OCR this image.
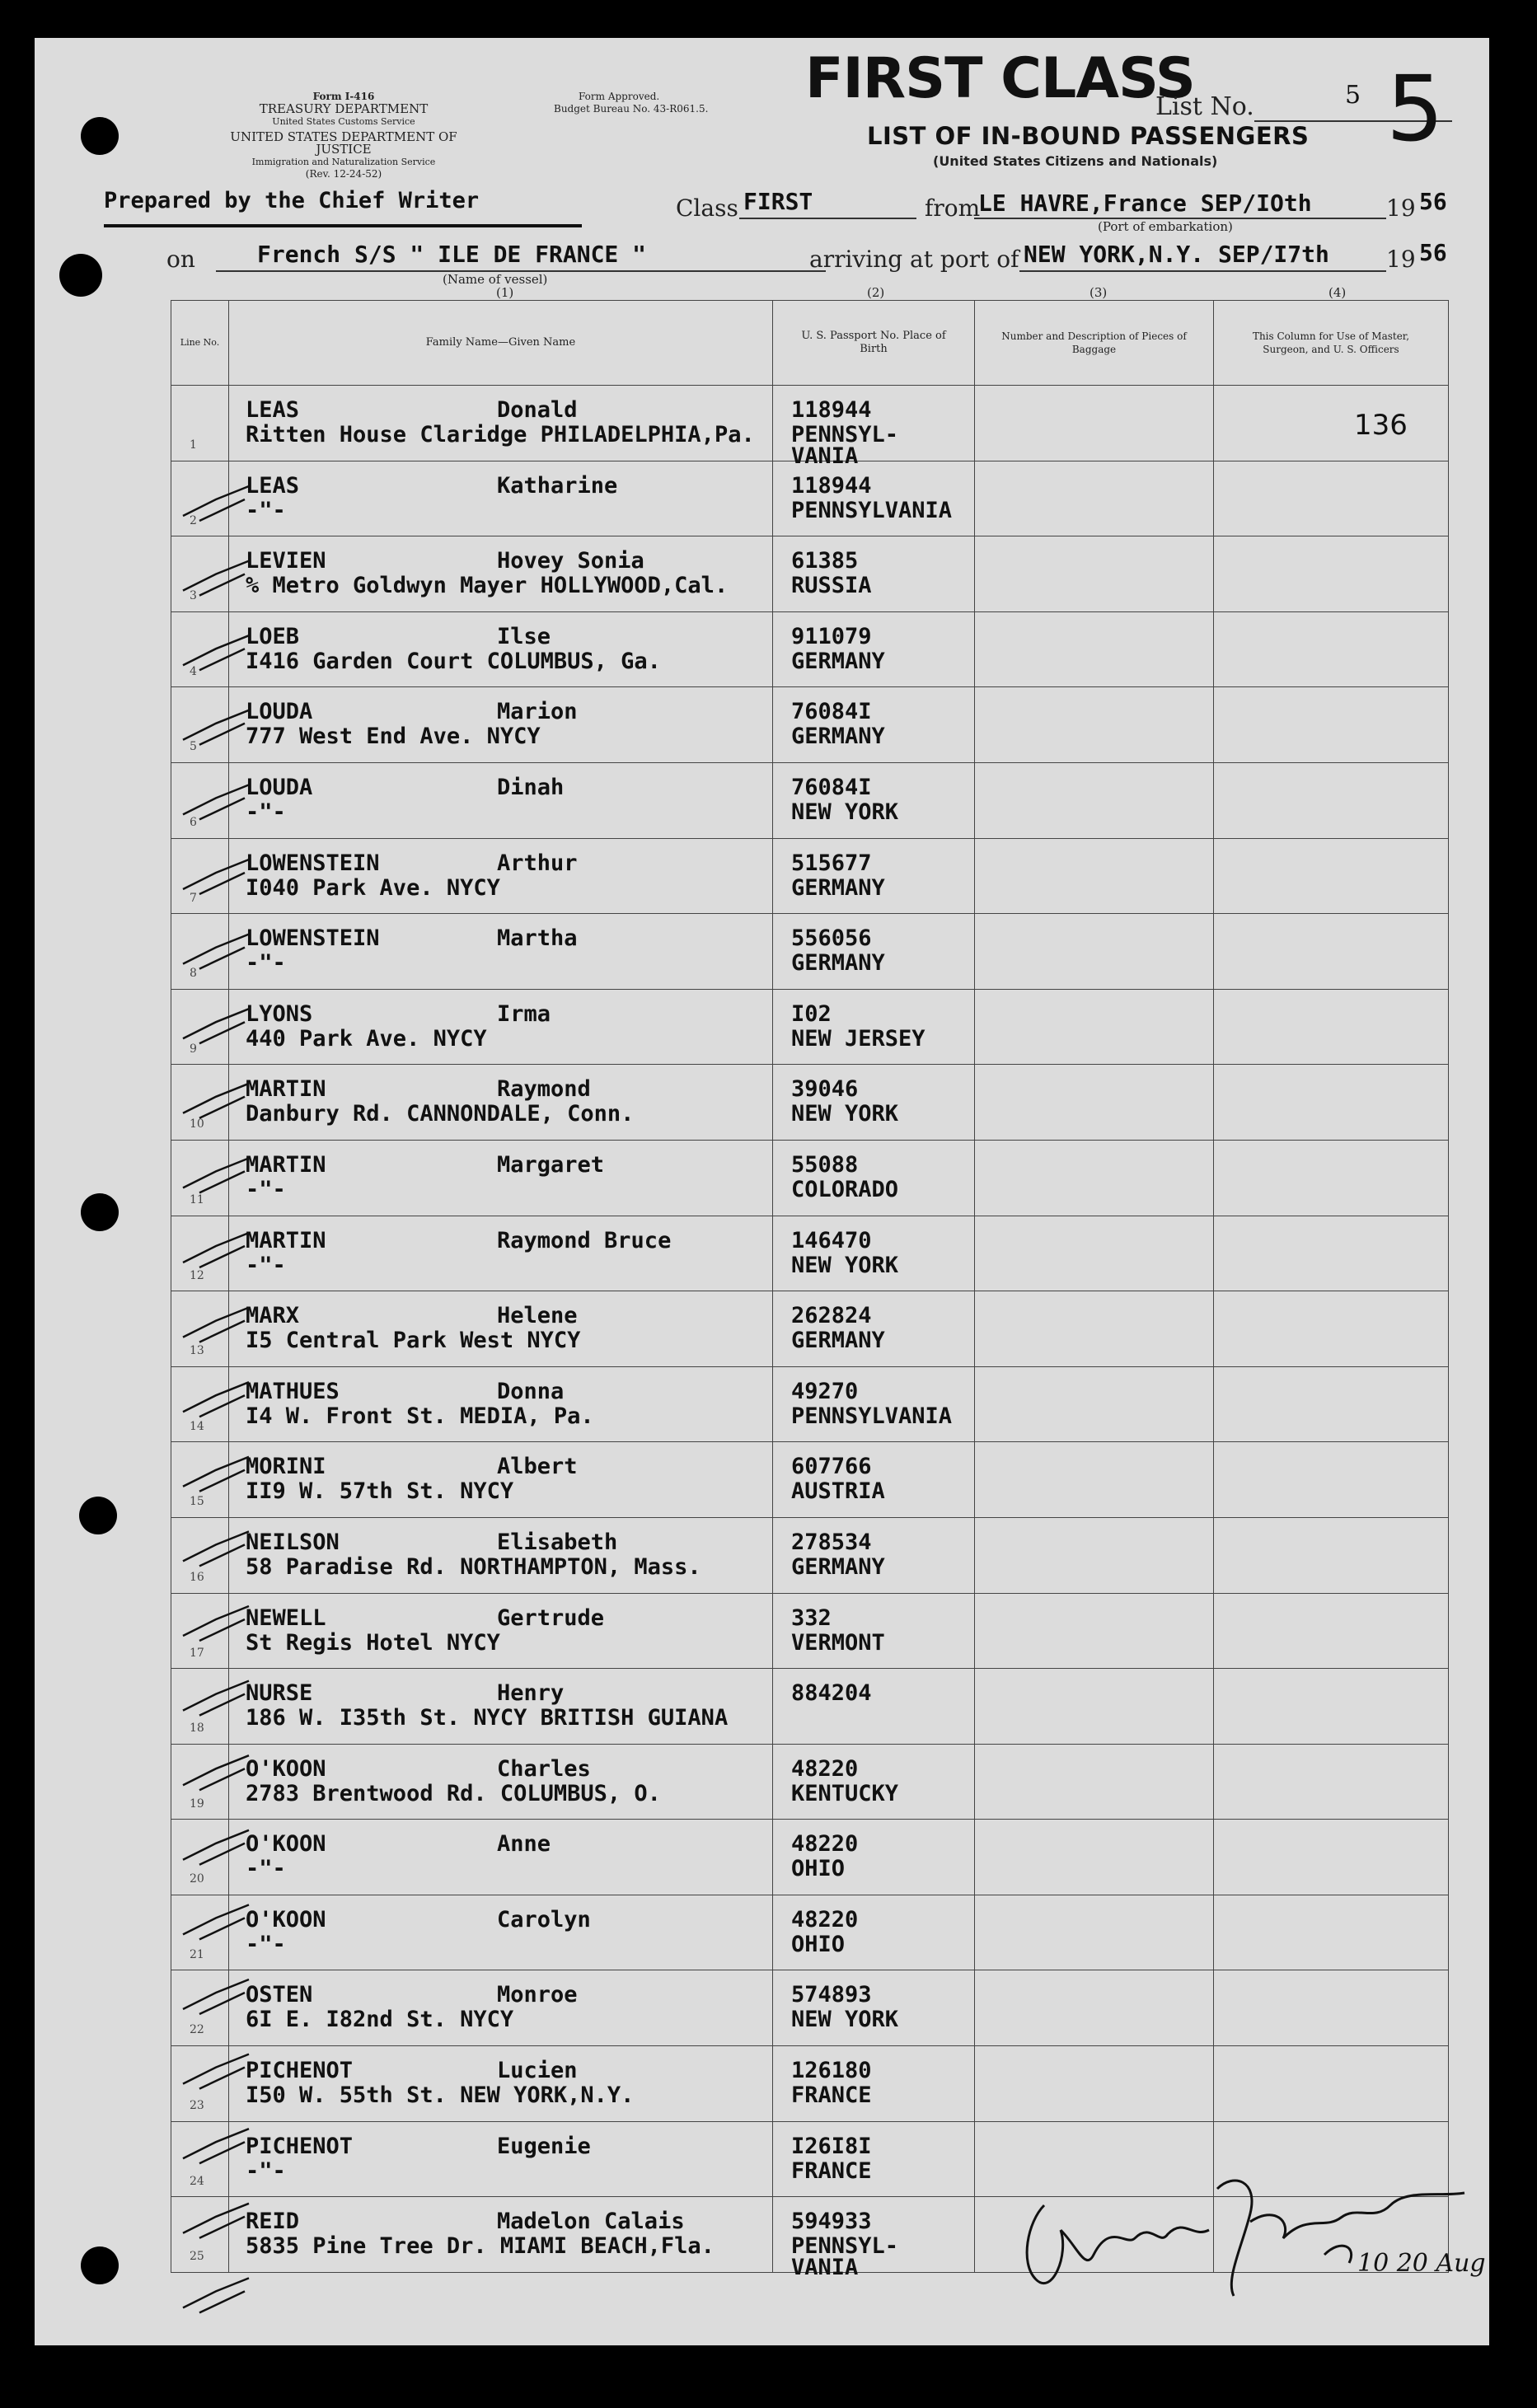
Form I-416
TREASURY DEPARTMENT
United States Customs Service
UNITED STATES DEPARTMENT OF JUSTICE
Immigration and Naturalization Service
(Rev. 12-24-52)
Form Approved.
Budget Bureau No. 43-R061.5.	FIRST CLASS
LIST OF IN-BOUND PASSENGERS
(United States Citizens and Nationals)
List No.	5 5
Prepared by the Chief Writer	Class FIRST	from
LE HAVRE,France SEP/IOth	19 56
(Port of embarkation)
on	French S/S " ILE DE FRANCE "
(Name of vessel)
arriving at port of NEW YORK,N.Y. SEP/I7th 19 56
(1)	(2)	(3)	(4)
Line No.	Family Name—Given Name	U. S. Passport No. Place of Birth	Number and Description of Pieces of Baggage	This Column for Use of Master, Surgeon, and U. S. Officers

1	LEAS Donald
Ritten House Claridge PHILADELPHIA,Pa.	118944
PENNSYL-
VANIA		136

2	LEAS Katharine
-"-	118944
PENNSYLVANIA		

3	LEVIEN Hovey Sonia
% Metro Goldwyn Mayer HOLLYWOOD,Cal.	61385
RUSSIA		

4	LOEB Ilse
I416 Garden Court COLUMBUS, Ga.	911079
GERMANY		

5	LOUDA Marion
777 West End Ave. NYCY	76084I
GERMANY		

6	LOUDA Dinah
-"-	76084I
NEW YORK		

7	LOWENSTEIN Arthur
I040 Park Ave. NYCY	515677
GERMANY		

8	LOWENSTEIN Martha
-"-	556056
GERMANY		

9	LYONS Irma
440 Park Ave. NYCY	I02
NEW JERSEY		

10	MARTIN Raymond
Danbury Rd. CANNONDALE, Conn.	39046
NEW YORK		

11	MARTIN Margaret
-"-	55088
COLORADO		

12	MARTIN Raymond Bruce
-"-	146470
NEW YORK		

13	MARX Helene
I5 Central Park West NYCY	262824
GERMANY		

14	MATHUES Donna
I4 W. Front St. MEDIA, Pa.	49270
PENNSYLVANIA		

15	MORINI Albert
II9 W. 57th St. NYCY	607766
AUSTRIA		

16	NEILSON Elisabeth
58 Paradise Rd. NORTHAMPTON, Mass.	278534
GERMANY		

17	NEWELL Gertrude
St Regis Hotel NYCY	332
VERMONT		

18	NURSE Henry
186 W. I35th St. NYCY BRITISH GUIANA	884204		

19	O'KOON Charles
2783 Brentwood Rd. COLUMBUS, O.	48220
KENTUCKY		

20	O'KOON Anne
-"-	48220
OHIO		

21	O'KOON Carolyn
-"-	48220
OHIO		

22	OSTEN Monroe
6I E. I82nd St. NYCY	574893
NEW YORK		

23	PICHENOT Lucien
I50 W. 55th St. NEW YORK,N.Y.	126180
FRANCE		

24	PICHENOT Eugenie
-"-	I26I8I
FRANCE		

25	REID Madelon Calais
5835 Pine Tree Dr. MIAMI BEACH,Fla.	594933
PENNSYL-
VANIA		
			10 20 Aug
